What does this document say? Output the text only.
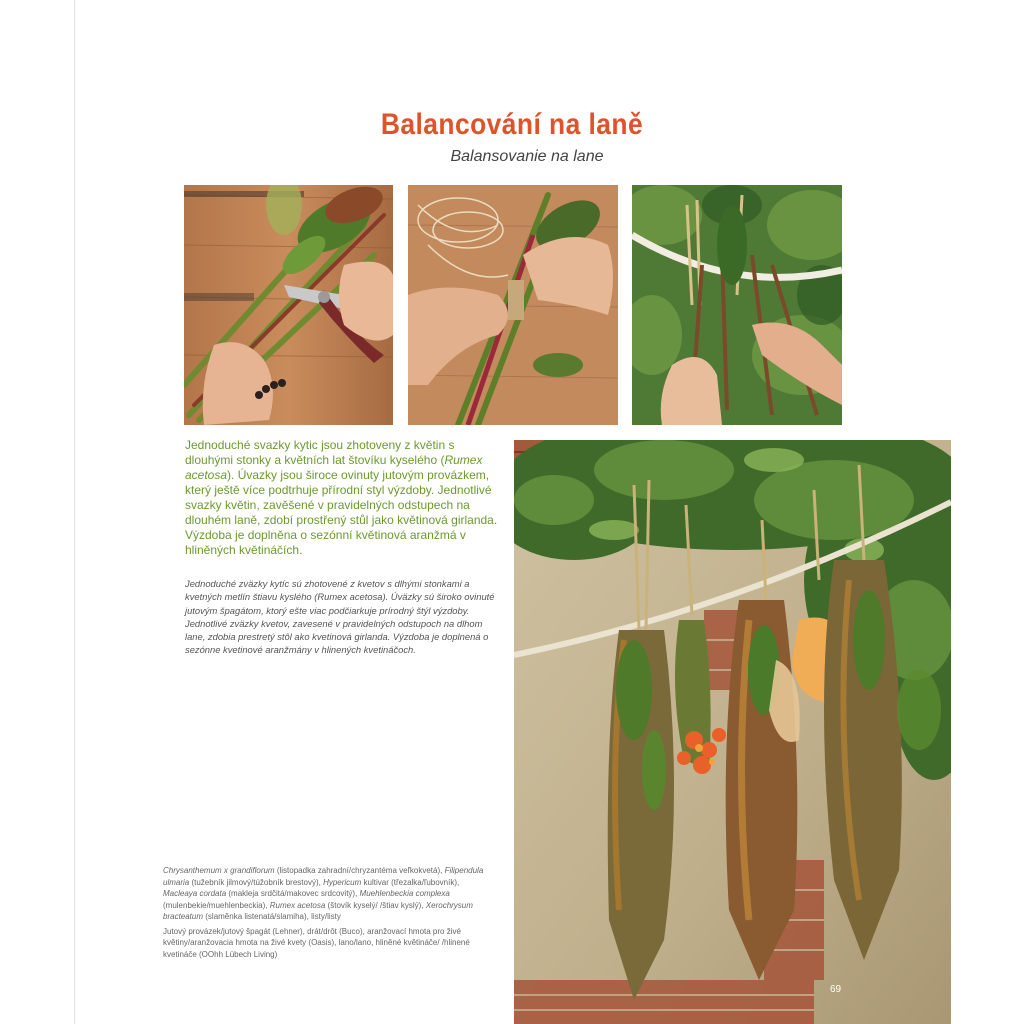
Balancování na laně
Balansovanie na lane
Jednoduché svazky kytic jsou zhotoveny z květin s dlouhými stonky a květních lat štovíku kyselého (Rumex acetosa). Úvazky jsou široce ovinuty jutovým provázkem, který ještě více podtrhuje přírodní styl výzdoby. Jednotlivé svazky květin, zavěšené v pravidelných odstupech na dlouhém laně, zdobí prostřený stůl jako květinová girlanda. Výzdoba je doplněna o sezónní květinová aranžmá v hliněných květináčích.
Jednoduché zväzky kytíc sú zhotovené z kvetov s dlhými stonkami a kvetných metlín štiavu kyslého (Rumex acetosa). Úväzky sú široko ovinuté jutovým špagátom, ktorý ešte viac podčiarkuje prírodný štýl výzdoby. Jednotlivé zväzky kvetov, zavesené v pravidelných odstupoch na dlhom lane, zdobia prestretý stôl ako kvetinová girlanda. Výzdoba je doplnená o sezónne kvetinové aranžmány v hlinených kvetináčoch.

Chrysanthemum x grandiflorum (listopadka zahradní/chryzantéma veľkokvetá), Filipendula ulmaria (tužebník jilmový/túžobník brestový), Hypericum kultivar (třezalka/ľubovník), Macleaya cordata (makleja srdčitá/makovec srdcovitý), Muehlenbeckia complexa (mulenbekie/muehlenbeckia), Rumex acetosa (štovík kyselý/ /štiav kyslý), Xerochrysum bracteatum (slaměnka listenatá/slamiha), listy/listy

Jutový provázek/jutový špagát (Lehner), drát/drôt (Buco), aranžovací hmota pro živé květiny/aranžovacia hmota na živé kvety (Oasis), lano/lano, hliněné květináče/ /hlinené kvetináče (OOhh Lübech Living)

69
